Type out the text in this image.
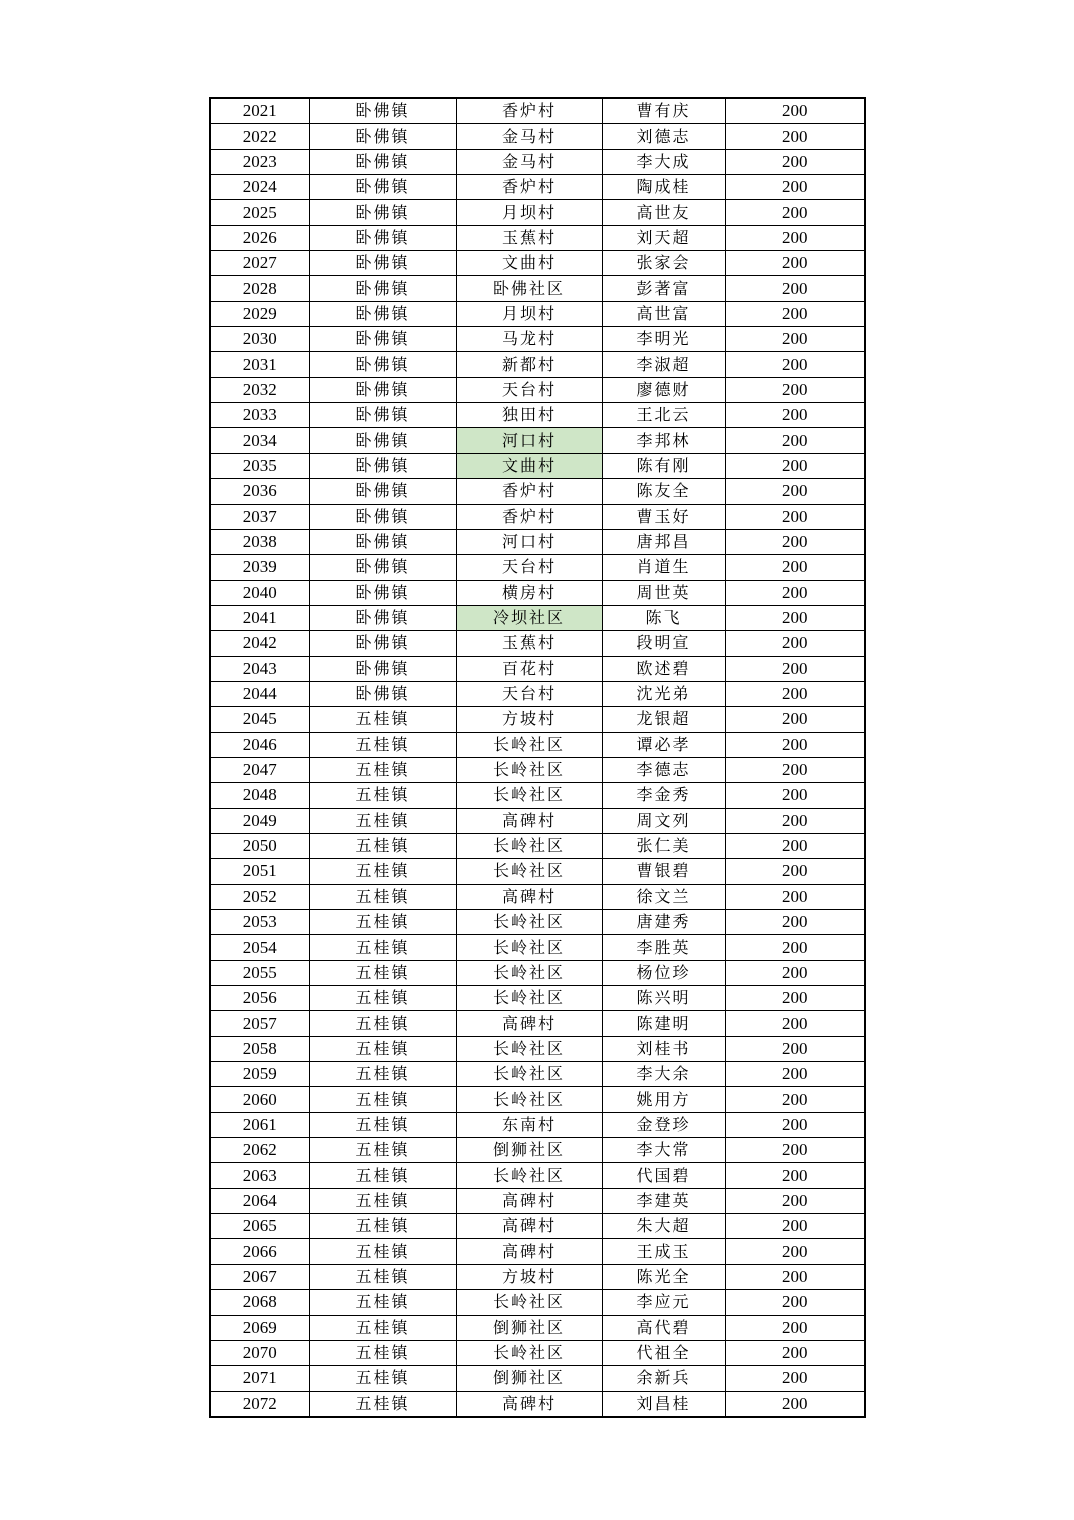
2021	卧佛镇	香炉村	曹有庆	200
2022	卧佛镇	金马村	刘德志	200
2023	卧佛镇	金马村	李大成	200
2024	卧佛镇	香炉村	陶成桂	200
2025	卧佛镇	月坝村	高世友	200
2026	卧佛镇	玉蕉村	刘天超	200
2027	卧佛镇	文曲村	张家会	200
2028	卧佛镇	卧佛社区	彭著富	200
2029	卧佛镇	月坝村	高世富	200
2030	卧佛镇	马龙村	李明光	200
2031	卧佛镇	新都村	李淑超	200
2032	卧佛镇	天台村	廖德财	200
2033	卧佛镇	独田村	王北云	200
2034	卧佛镇	河口村	李邦林	200
2035	卧佛镇	文曲村	陈有刚	200
2036	卧佛镇	香炉村	陈友全	200
2037	卧佛镇	香炉村	曹玉好	200
2038	卧佛镇	河口村	唐邦昌	200
2039	卧佛镇	天台村	肖道生	200
2040	卧佛镇	横房村	周世英	200
2041	卧佛镇	冷坝社区	陈飞	200
2042	卧佛镇	玉蕉村	段明宣	200
2043	卧佛镇	百花村	欧述碧	200
2044	卧佛镇	天台村	沈光弟	200
2045	五桂镇	方坡村	龙银超	200
2046	五桂镇	长岭社区	谭必孝	200
2047	五桂镇	长岭社区	李德志	200
2048	五桂镇	长岭社区	李金秀	200
2049	五桂镇	高碑村	周文列	200
2050	五桂镇	长岭社区	张仁美	200
2051	五桂镇	长岭社区	曹银碧	200
2052	五桂镇	高碑村	徐文兰	200
2053	五桂镇	长岭社区	唐建秀	200
2054	五桂镇	长岭社区	李胜英	200
2055	五桂镇	长岭社区	杨位珍	200
2056	五桂镇	长岭社区	陈兴明	200
2057	五桂镇	高碑村	陈建明	200
2058	五桂镇	长岭社区	刘桂书	200
2059	五桂镇	长岭社区	李大余	200
2060	五桂镇	长岭社区	姚用方	200
2061	五桂镇	东南村	金登珍	200
2062	五桂镇	倒狮社区	李大常	200
2063	五桂镇	长岭社区	代国碧	200
2064	五桂镇	高碑村	李建英	200
2065	五桂镇	高碑村	朱大超	200
2066	五桂镇	高碑村	王成玉	200
2067	五桂镇	方坡村	陈光全	200
2068	五桂镇	长岭社区	李应元	200
2069	五桂镇	倒狮社区	高代碧	200
2070	五桂镇	长岭社区	代祖全	200
2071	五桂镇	倒狮社区	余新兵	200
2072	五桂镇	高碑村	刘昌桂	200
